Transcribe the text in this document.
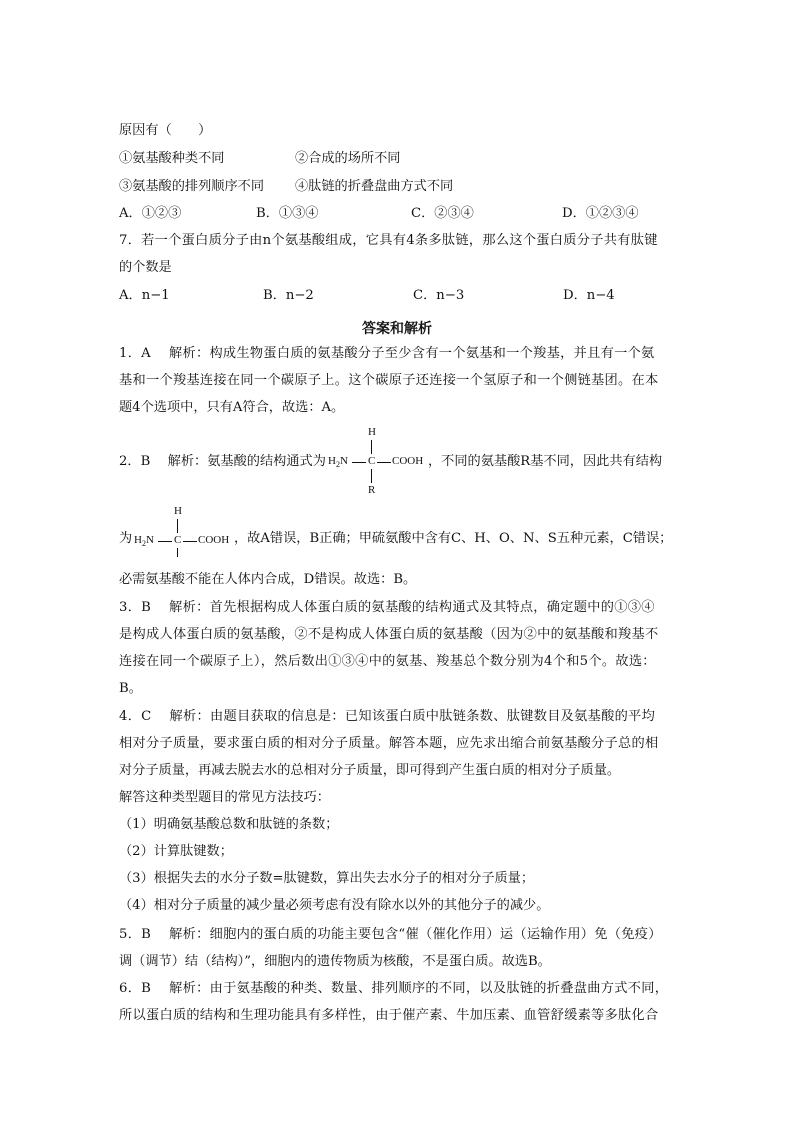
原因有（　　）
①氨基酸种类不同	②合成的场所不同
③氨基酸的排列顺序不同 ④肽链的折叠盘曲方式不同
A．①②③	B．①③④	C．②③④	D．①②③④
7．若一个蛋白质分子由n个氨基酸组成，它具有4条多肽链，那么这个蛋白质分子共有肽键
的个数是
A．n−1	B．n−2	C．n−3	D．n−4
答案和解析
1．A　 解析：构成生物蛋白质的氨基酸分子至少含有一个氨基和一个羧基，并且有一个氨
基和一个羧基连接在同一个碳原子上。这个碳原子还连接一个氢原子和一个侧链基团。在本
题4个选项中，只有A符合，故选：A。
2．B　 解析：氨基酸的结构通式为
H
$H_2N$ C COOH
R
，不同的氨基酸R基不同，因此共有结构
为
H
$H_2N$ C COOH ，故A错误，B正确；甲硫氨酸中含有C、H、O、N、S五种元素，C错误；
必需氨基酸不能在人体内合成，D错误。故选：B。
3．B　 解析：首先根据构成人体蛋白质的氨基酸的结构通式及其特点，确定题中的①③④
是构成人体蛋白质的氨基酸，②不是构成人体蛋白质的氨基酸（因为②中的氨基酸和羧基不
连接在同一个碳原子上），然后数出①③④中的氨基、羧基总个数分别为4个和5个。故选：
B。
4．C　 解析：由题目获取的信息是：已知该蛋白质中肽链条数、肽键数目及氨基酸的平均
相对分子质量，要求蛋白质的相对分子质量。解答本题，应先求出缩合前氨基酸分子总的相
对分子质量，再减去脱去水的总相对分子质量，即可得到产生蛋白质的相对分子质量。
解答这种类型题目的常见方法技巧：
（1）明确氨基酸总数和肽链的条数；
（2）计算肽键数；
（3）根据失去的水分子数=肽键数，算出失去水分子的相对分子质量；
（4）相对分子质量的减少量必须考虑有没有除水以外的其他分子的减少。
5．B　 解析：细胞内的蛋白质的功能主要包含“催（催化作用）运（运输作用）免（免疫）
调（调节）结（结构）”，细胞内的遗传物质为核酸，不是蛋白质。故选B。
6．B　 解析：由于氨基酸的种类、数量、排列顺序的不同，以及肽链的折叠盘曲方式不同，
所以蛋白质的结构和生理功能具有多样性，由于催产素、牛加压素、血管舒缓素等多肽化合
